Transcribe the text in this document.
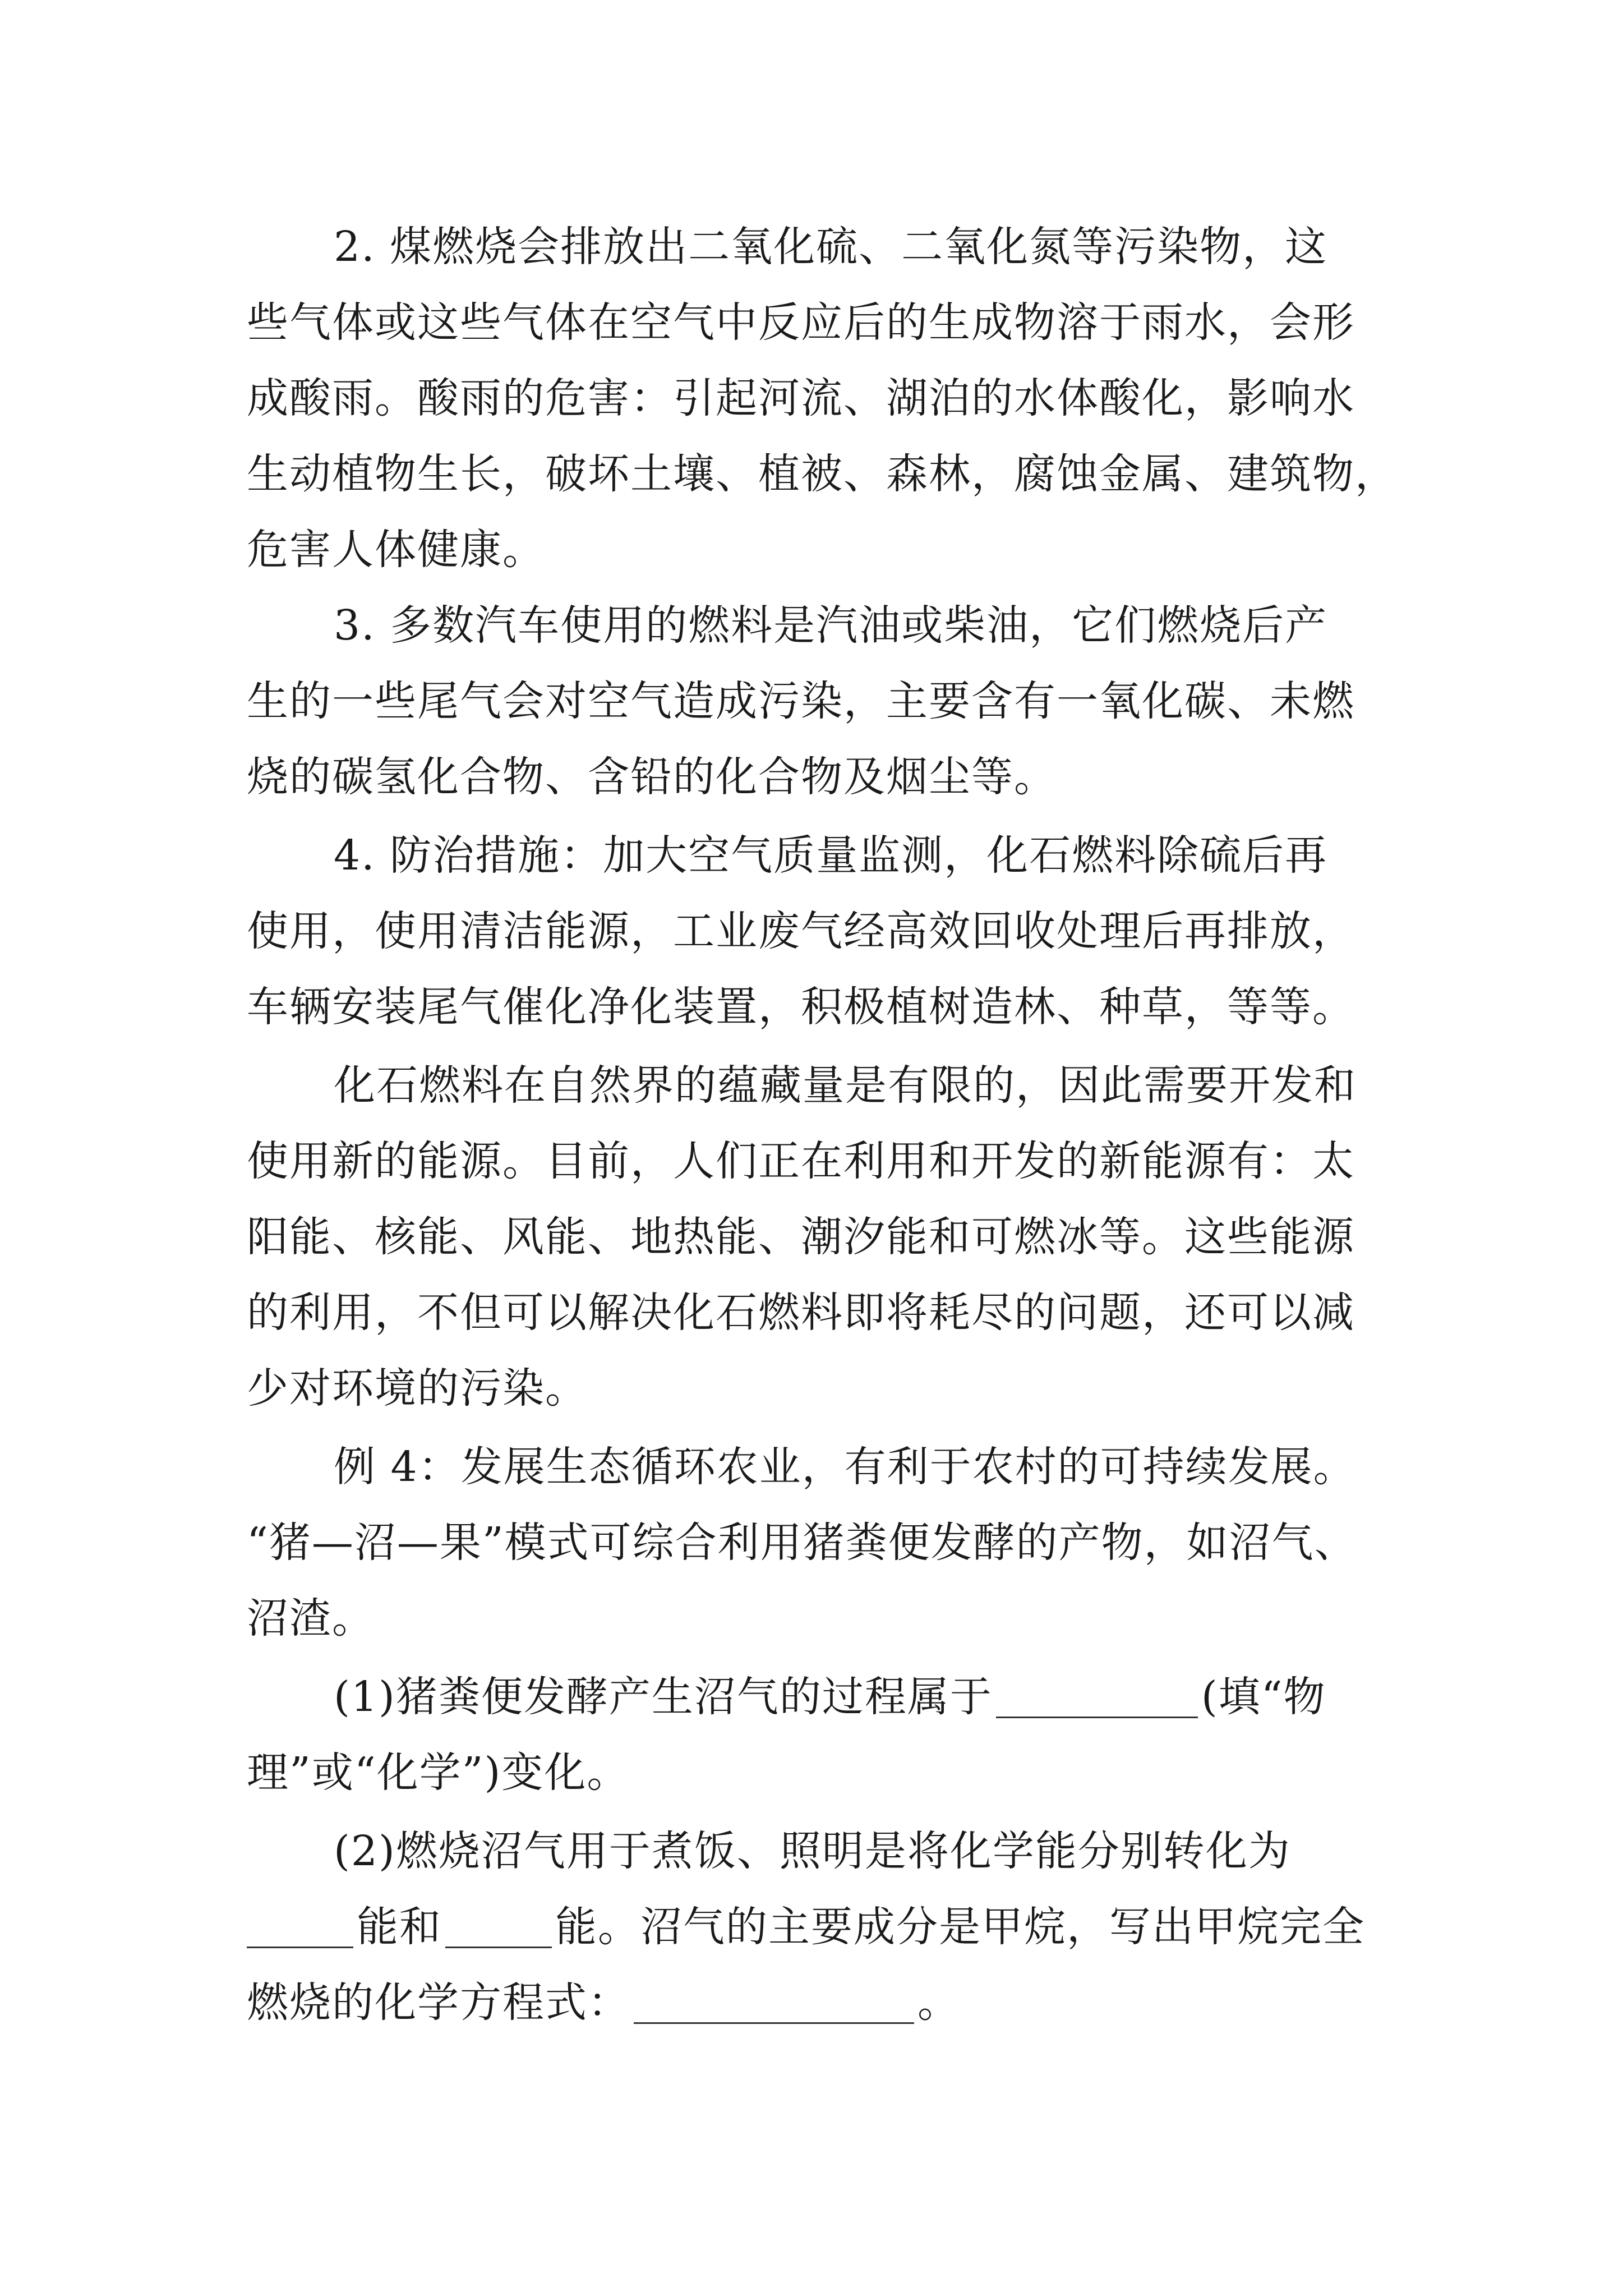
2. 煤燃烧会排放出二氧化硫、二氧化氮等污染物，这
些气体或这些气体在空气中反应后的生成物溶于雨水，会形
成酸雨。酸雨的危害：引起河流、湖泊的水体酸化，影响水
生动植物生长，破坏土壤、植被、森林，腐蚀金属、建筑物，
危害人体健康。
3. 多数汽车使用的燃料是汽油或柴油，它们燃烧后产
生的一些尾气会对空气造成污染，主要含有一氧化碳、未燃
烧的碳氢化合物、含铅的化合物及烟尘等。
4. 防治措施：加大空气质量监测，化石燃料除硫后再
使用，使用清洁能源，工业废气经高效回收处理后再排放，
车辆安装尾气催化净化装置，积极植树造林、种草，等等。
化石燃料在自然界的蕴藏量是有限的，因此需要开发和
使用新的能源。目前，人们正在利用和开发的新能源有：太
阳能、核能、风能、地热能、潮汐能和可燃冰等。这些能源
的利用，不但可以解决化石燃料即将耗尽的问题，还可以减
少对环境的污染。
例 4：发展生态循环农业，有利于农村的可持续发展。
“猪—沼—果”模式可综合利用猪粪便发酵的产物，如沼气、
沼渣。
(1)猪粪便发酵产生沼气的过程属于	(填“物
理”或“化学”)变化。
(2)燃烧沼气用于煮饭、照明是将化学能分别转化为
能和	能。沼气的主要成分是甲烷，写出甲烷完全
燃烧的化学方程式：	。
